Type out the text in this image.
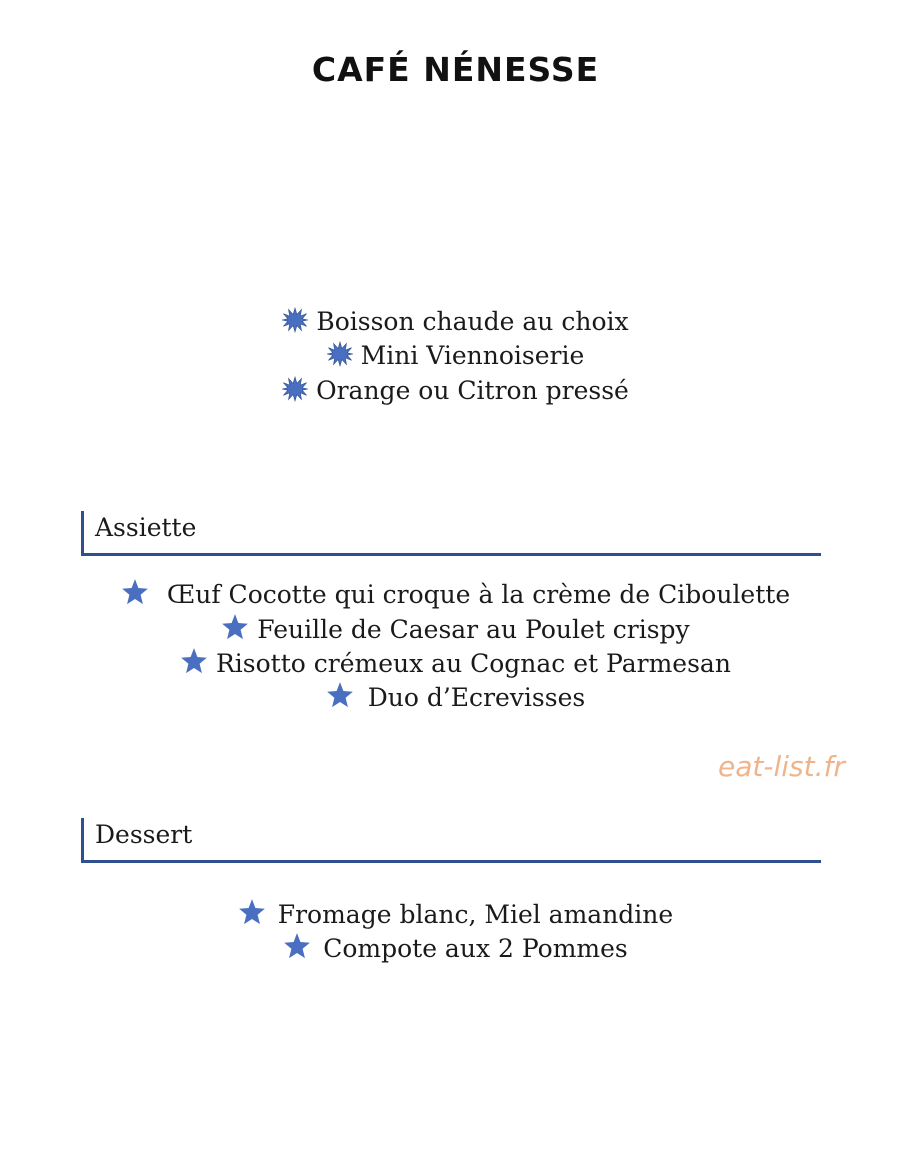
CAFÉ NÉNESSE
Boisson chaude au choix
Mini Viennoiserie
Orange ou Citron pressé
Assiette
Œuf Cocotte qui croque à la crème de Ciboulette
Feuille de Caesar au Poulet crispy
Risotto crémeux au Cognac et Parmesan
Duo d’Ecrevisses
eat-list.fr
Dessert
Fromage blanc, Miel amandine
Compote aux 2 Pommes
